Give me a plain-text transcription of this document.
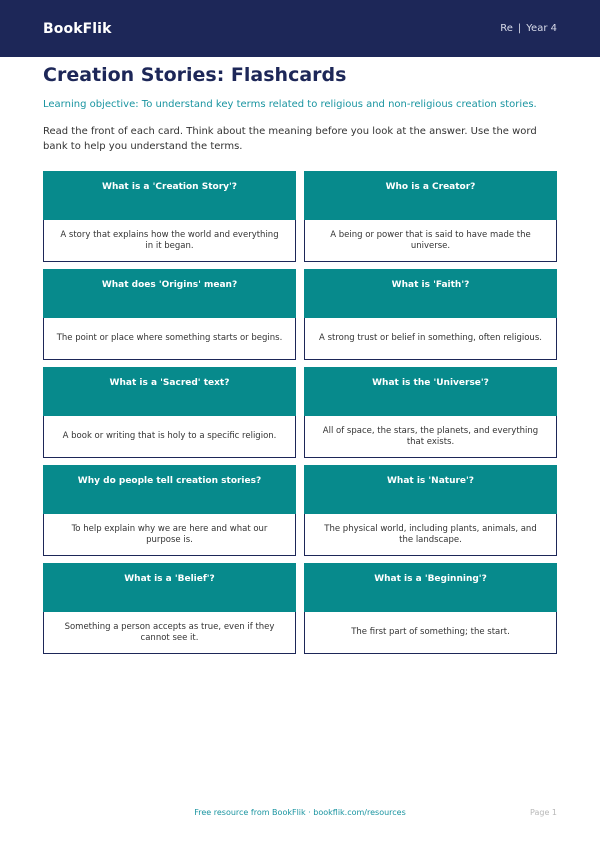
BookFlik	Re | Year 4
Creation Stories: Flashcards
Learning objective: To understand key terms related to religious and non-religious creation stories.
Read the front of each card. Think about the meaning before you look at the answer. Use the word bank to help you understand the terms.
What is a 'Creation Story'?
A story that explains how the world and everything in it began.
Who is a Creator?
A being or power that is said to have made the universe.
What does 'Origins' mean?
The point or place where something starts or begins.
What is 'Faith'?
A strong trust or belief in something, often religious.
What is a 'Sacred' text?
A book or writing that is holy to a specific religion.
What is the 'Universe'?
All of space, the stars, the planets, and everything that exists.
Why do people tell creation stories?
To help explain why we are here and what our purpose is.
What is 'Nature'?
The physical world, including plants, animals, and the landscape.
What is a 'Belief'?
Something a person accepts as true, even if they cannot see it.
What is a 'Beginning'?
The first part of something; the start.
Free resource from BookFlik · bookflik.com/resources	Page 1
